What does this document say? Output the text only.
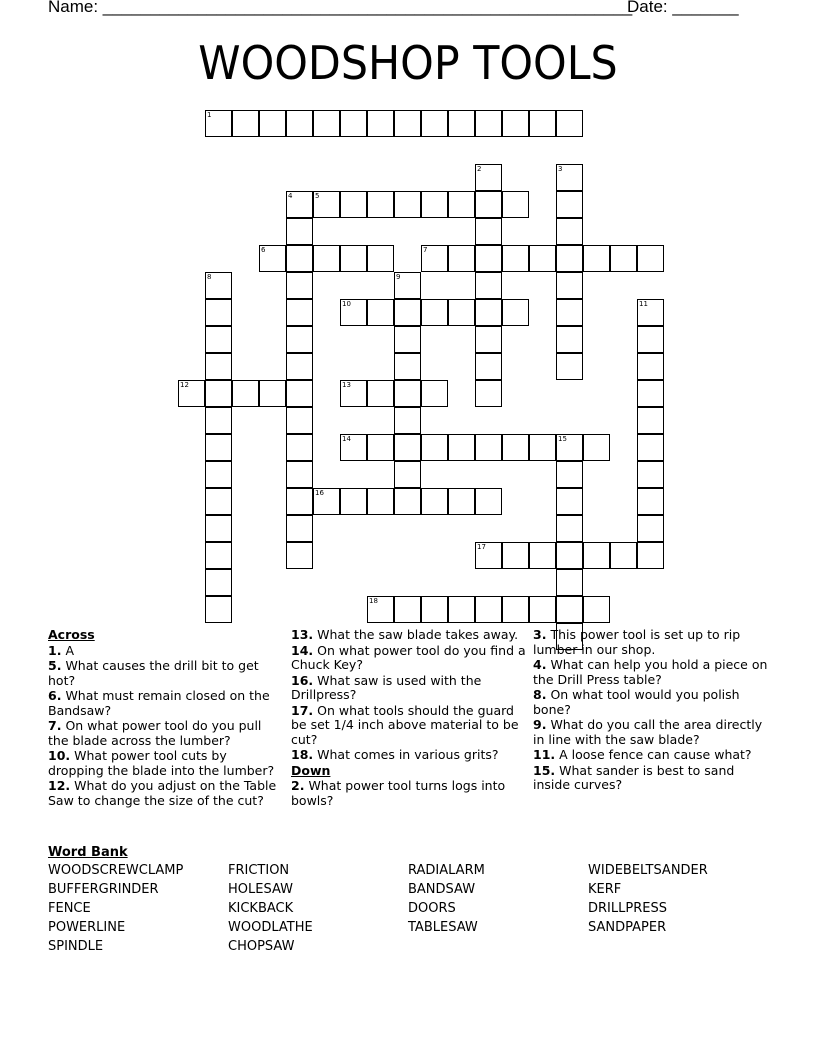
Name: ________________________________________________________
Date: _______
WOODSHOP TOOLS
1
2	3
4	5
6	7
8	9
10	11
12	13
14	15
16
17
18

Across

1. A

5. What causes the drill bit to get hot?

6. What must remain closed on the Bandsaw?

7. On what power tool do you pull the blade across the lumber?

10. What power tool cuts by dropping the blade into the lumber?

12. What do you adjust on the Table Saw to change the size of the cut?

13. What the saw blade takes away.

14. On what power tool do you find a Chuck Key?

16. What saw is used with the Drillpress?

17. On what tools should the guard be set 1/4 inch above material to be cut?

18. What comes in various grits?

Down

2. What power tool turns logs into bowls?

3. This power tool is set up to rip lumber in our shop.

4. What can help you hold a piece on the Drill Press table?

8. On what tool would you polish bone?

9. What do you call the area directly in line with the saw blade?

11. A loose fence can cause what?

15. What sander is best to sand inside curves?

Word Bank
WOODSCREWCLAMP
BUFFERGRINDER
FENCE
POWERLINE
SPINDLE
FRICTION
HOLESAW
KICKBACK
WOODLATHE
CHOPSAW
RADIALARM
BANDSAW
DOORS
TABLESAW
WIDEBELTSANDER
KERF
DRILLPRESS
SANDPAPER
